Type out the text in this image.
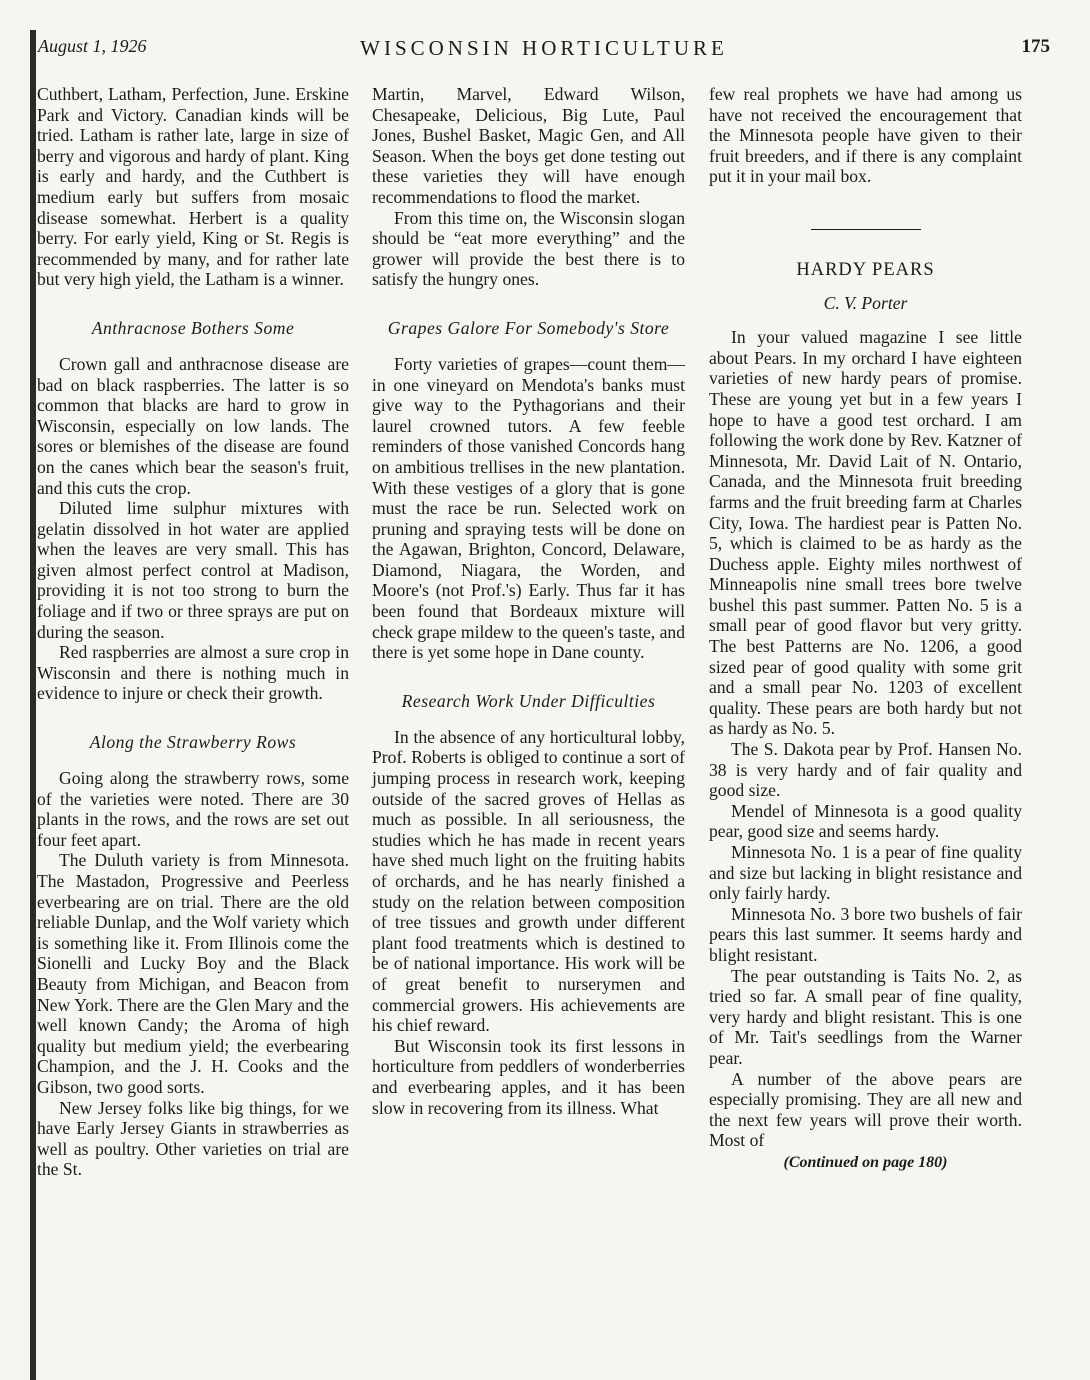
August 1, 1926	WISCONSIN HORTICULTURE	175

Cuthbert, Latham, Perfection, June. Erskine Park and Victory. Canadian kinds will be tried. Latham is rather late, large in size of berry and vigorous and hardy of plant. King is early and hardy, and the Cuthbert is medium early but suffers from mosaic disease somewhat. Herbert is a quality berry. For early yield, King or St. Regis is recommended by many, and for rather late but very high yield, the Latham is a winner.

Anthracnose Bothers Some

Crown gall and anthracnose disease are bad on black raspberries. The latter is so common that blacks are hard to grow in Wisconsin, especially on low lands. The sores or blemishes of the disease are found on the canes which bear the season's fruit, and this cuts the crop.

Diluted lime sulphur mixtures with gelatin dissolved in hot water are applied when the leaves are very small. This has given almost perfect control at Madison, providing it is not too strong to burn the foliage and if two or three sprays are put on during the season.

Red raspberries are almost a sure crop in Wisconsin and there is nothing much in evidence to injure or check their growth.

Along the Strawberry Rows

Going along the strawberry rows, some of the varieties were noted. There are 30 plants in the rows, and the rows are set out four feet apart.

The Duluth variety is from Minnesota. The Mastadon, Progressive and Peerless everbearing are on trial. There are the old reliable Dunlap, and the Wolf variety which is something like it. From Illinois come the Sionelli and Lucky Boy and the Black Beauty from Michigan, and Beacon from New York. There are the Glen Mary and the well known Candy; the Aroma of high quality but medium yield; the everbearing Champion, and the J. H. Cooks and the Gibson, two good sorts.

New Jersey folks like big things, for we have Early Jersey Giants in strawberries as well as poultry. Other varieties on trial are the St.

Martin, Marvel, Edward Wilson, Chesapeake, Delicious, Big Lute, Paul Jones, Bushel Basket, Magic Gen, and All Season. When the boys get done testing out these varieties they will have enough recommendations to flood the market.

From this time on, the Wisconsin slogan should be “eat more everything” and the grower will provide the best there is to satisfy the hungry ones.

Grapes Galore For Somebody's Store

Forty varieties of grapes—count them—in one vineyard on Mendota's banks must give way to the Pythagorians and their laurel crowned tutors. A few feeble reminders of those vanished Concords hang on ambitious trellises in the new plantation. With these vestiges of a glory that is gone must the race be run. Selected work on pruning and spraying tests will be done on the Agawan, Brighton, Concord, Delaware, Diamond, Niagara, the Worden, and Moore's (not Prof.'s) Early. Thus far it has been found that Bordeaux mixture will check grape mildew to the queen's taste, and there is yet some hope in Dane county.

Research Work Under Difficulties

In the absence of any horticultural lobby, Prof. Roberts is obliged to continue a sort of jumping process in research work, keeping outside of the sacred groves of Hellas as much as possible. In all seriousness, the studies which he has made in recent years have shed much light on the fruiting habits of orchards, and he has nearly finished a study on the relation between composition of tree tissues and growth under different plant food treatments which is destined to be of national importance. His work will be of great benefit to nurserymen and commercial growers. His achievements are his chief reward.

But Wisconsin took its first lessons in horticulture from peddlers of wonderberries and everbearing apples, and it has been slow in recovering from its illness. What

few real prophets we have had among us have not received the encouragement that the Minnesota people have given to their fruit breeders, and if there is any complaint put it in your mail box.

HARDY PEARS
C. V. Porter

In your valued magazine I see little about Pears. In my orchard I have eighteen varieties of new hardy pears of promise. These are young yet but in a few years I hope to have a good test orchard. I am following the work done by Rev. Katzner of Minnesota, Mr. David Lait of N. Ontario, Canada, and the Minnesota fruit breeding farms and the fruit breeding farm at Charles City, Iowa. The hardiest pear is Patten No. 5, which is claimed to be as hardy as the Duchess apple. Eighty miles northwest of Minneapolis nine small trees bore twelve bushel this past summer. Patten No. 5 is a small pear of good flavor but very gritty. The best Patterns are No. 1206, a good sized pear of good quality with some grit and a small pear No. 1203 of excellent quality. These pears are both hardy but not as hardy as No. 5.

The S. Dakota pear by Prof. Hansen No. 38 is very hardy and of fair quality and good size.

Mendel of Minnesota is a good quality pear, good size and seems hardy.

Minnesota No. 1 is a pear of fine quality and size but lacking in blight resistance and only fairly hardy.

Minnesota No. 3 bore two bushels of fair pears this last summer. It seems hardy and blight resistant.

The pear outstanding is Taits No. 2, as tried so far. A small pear of fine quality, very hardy and blight resistant. This is one of Mr. Tait's seedlings from the Warner pear.

A number of the above pears are especially promising. They are all new and the next few years will prove their worth. Most of

(Continued on page 180)
